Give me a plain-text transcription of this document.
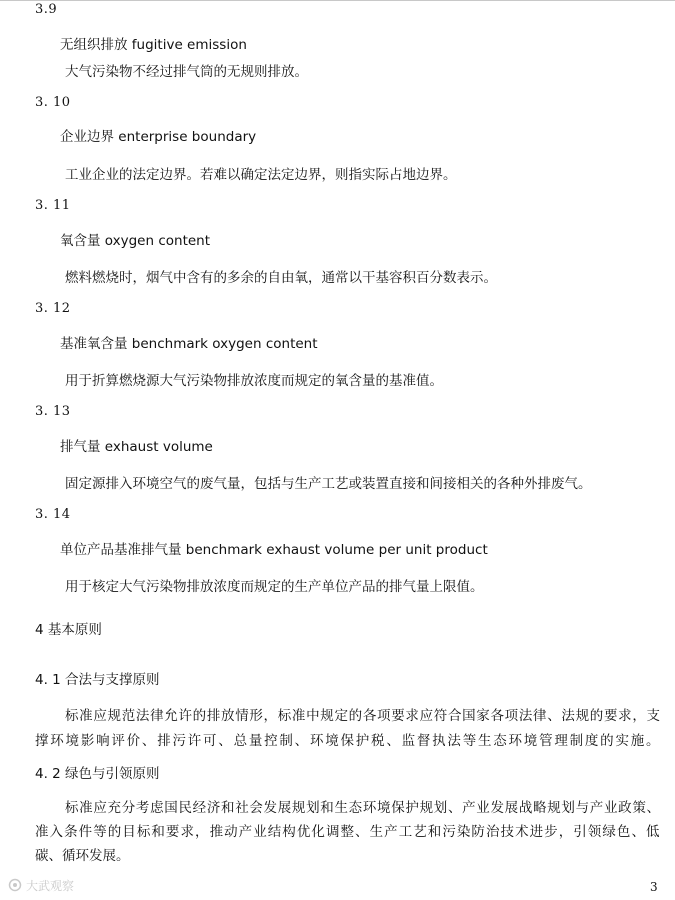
3.9
无组织排放 fugitive emission
大气污染物不经过排气筒的无规则排放。
3. 10
企业边界 enterprise boundary
工业企业的法定边界。若难以确定法定边界，则指实际占地边界。
3. 11
氧含量 oxygen content
燃料燃烧时，烟气中含有的多余的自由氧，通常以干基容积百分数表示。
3. 12
基准氧含量 benchmark oxygen content
用于折算燃烧源大气污染物排放浓度而规定的氧含量的基准值。
3. 13
排气量 exhaust volume
固定源排入环境空气的废气量，包括与生产工艺或装置直接和间接相关的各种外排废气。
3. 14
单位产品基准排气量 benchmark exhaust volume per unit product
用于核定大气污染物排放浓度而规定的生产单位产品的排气量上限值。
4 基本原则
4. 1 合法与支撑原则
标准应规范法律允许的排放情形，标准中规定的各项要求应符合国家各项法律、法规的要求，支
撑环境影响评价、排污许可、总量控制、环境保护税、监督执法等生态环境管理制度的实施。
4. 2 绿色与引领原则
标准应充分考虑国民经济和社会发展规划和生态环境保护规划、产业发展战略规划与产业政策、
准入条件等的目标和要求，推动产业结构优化调整、生产工艺和污染防治技术进步，引领绿色、低
碳、循环发展。
大武观察	3
